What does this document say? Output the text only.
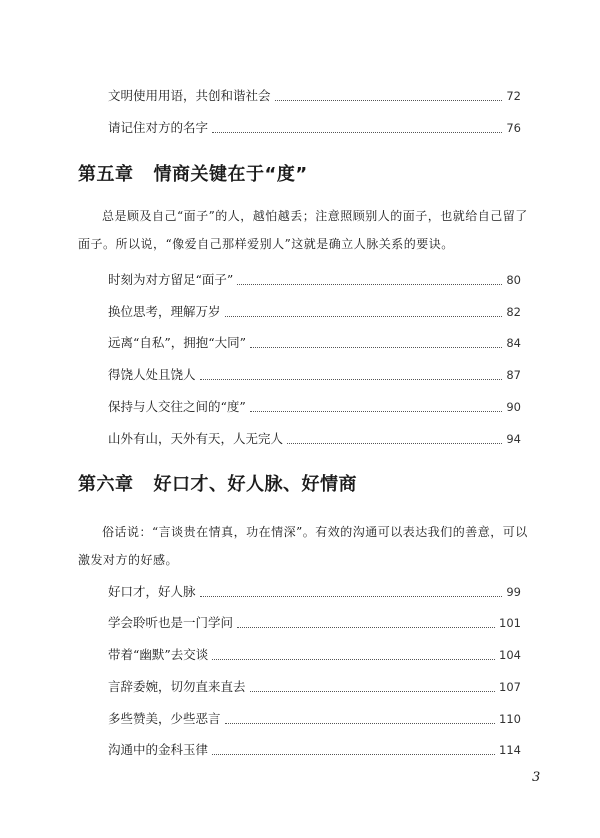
文明使用用语，共创和谐社会	72
请记住对方的名字	76
第五章 情商关键在于“度”
总是顾及自己“面子”的人，越怕越丢；注意照顾别人的面子，也就给自己留了
面子。所以说，“像爱自己那样爱别人”这就是确立人脉关系的要诀。
时刻为对方留足“面子”	80
换位思考，理解万岁	82
远离“自私”，拥抱“大同”	84
得饶人处且饶人	87
保持与人交往之间的“度”	90
山外有山，天外有天，人无完人	94
第六章 好口才、好人脉、好情商
俗话说：“言谈贵在情真，功在情深”。有效的沟通可以表达我们的善意，可以
激发对方的好感。
好口才，好人脉	99
学会聆听也是一门学问	101
带着“幽默”去交谈	104
言辞委婉，切勿直来直去	107
多些赞美，少些恶言	110
沟通中的金科玉律	114
3
